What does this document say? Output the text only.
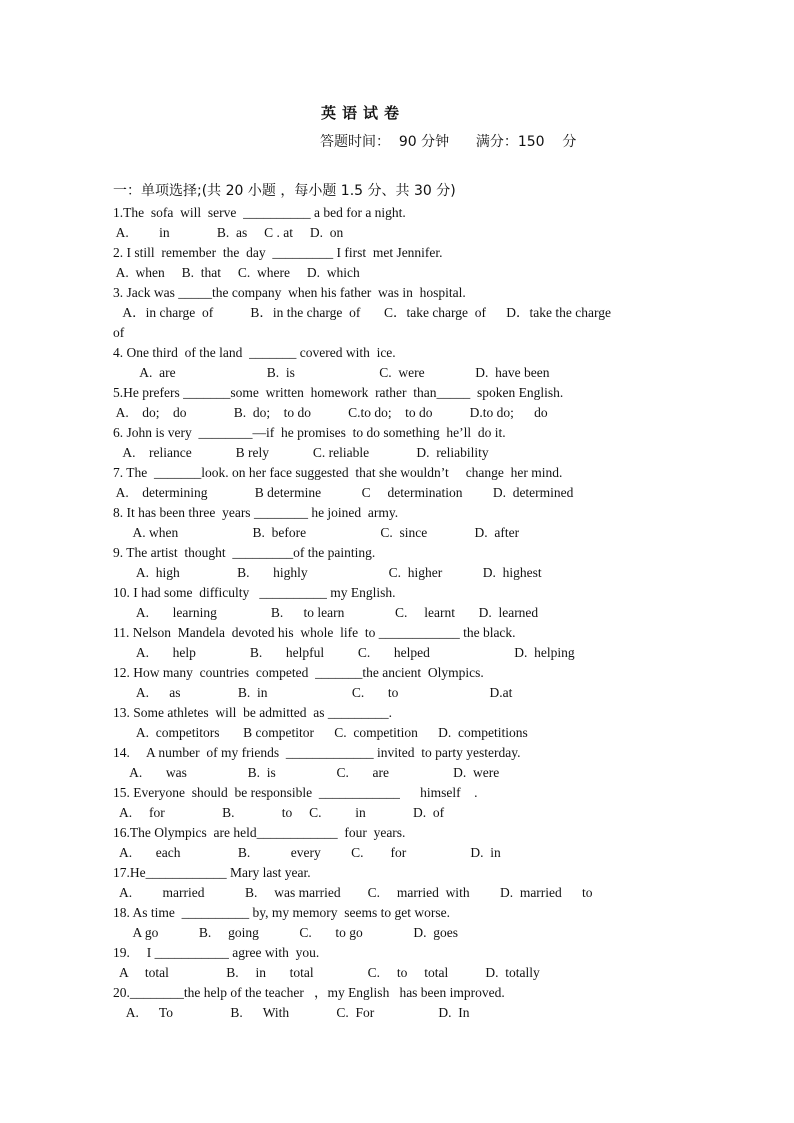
英语试卷
答题时间：  90 分钟      满分：150    分
一：单项选择;(共 20 小题 ，每小题 1.5 分、共 30 分)
1.The  sofa  will  serve  __________ a bed for a night.
A.         in              B.  as     C . at     D.  on
2. I still  remember  the  day  _________ I first  met Jennifer.
A.  when     B.  that     C.  where     D.  which
3. Jack was _____the company  when his father  was in  hospital.
A．in charge  of           B．in the charge  of       C．take charge  of      D．take the charge
of
4. One third  of the land  _______ covered with  ice.
A.  are                           B.  is                         C.  were               D.  have been
5.He prefers _______some  written  homework  rather  than_____  spoken English.
A.    do;    do              B.  do;    to do           C.to do;    to do           D.to do;      do
6. John is very  ________—if  he promises  to do something  he’ll  do it.
A.    reliance             B rely             C. reliable              D.  reliability
7. The  _______look. on her face suggested  that she wouldn’t     change  her mind.
A.    determining              B determine            C     determination         D.  determined
8. It has been three  years ________ he joined  army.
A. when                      B.  before                      C.  since              D.  after
9. The artist  thought  _________of the painting.
A.  high                 B.       highly                        C.  higher            D.  highest
10. I had some  difficulty   __________ my English.
A.       learning                B.      to learn               C.     learnt       D.  learned
11. Nelson  Mandela  devoted his  whole  life  to ____________ the black.
A.       help                B.       helpful          C.       helped                         D.  helping
12. How many  countries  competed  _______the ancient  Olympics.
A.      as                 B.  in                         C.       to                           D.at
13. Some athletes  will  be admitted  as _________.
A.  competitors       B competitor      C.  competition      D.  competitions
14.     A number  of my friends  _____________ invited  to party yesterday.
A.       was                  B.  is                  C.       are                   D.  were
15. Everyone  should  be responsible  ____________      himself    .
A.     for                 B.              to     C.          in              D.  of
16.The Olympics  are held____________  four  years.
A.       each                 B.            every         C.        for                   D.  in
17.He____________ Mary last year.
A.         married            B.     was married        C.     married  with         D.  married      to
18. As time  __________ by, my memory  seems to get worse.
A go            B.     going            C.       to go               D.  goes
19.     I ___________ agree with  you.
A     total                 B.     in       total                C.     to     total           D.  totally
20.________the help of the teacher   ，my English   has been improved.
A.      To                 B.      With              C.  For                   D.  In
